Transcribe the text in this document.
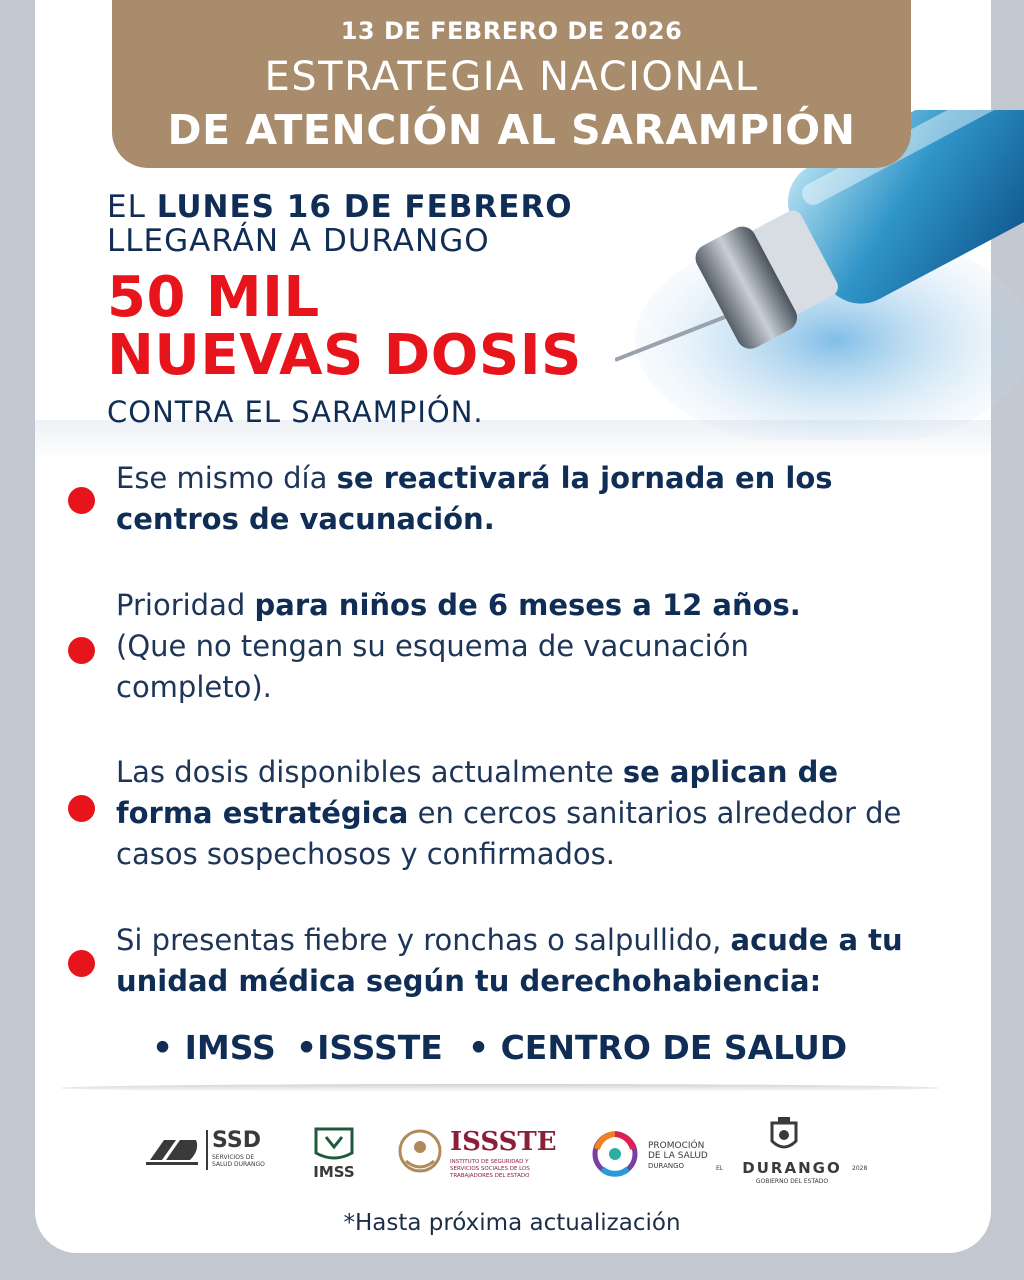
13 DE FEBRERO DE 2026
ESTRATEGIA NACIONAL
DE ATENCIÓN AL SARAMPIÓN
EL LUNES 16 DE FEBRERO
LLEGARÁN A DURANGO
50 MIL
NUEVAS DOSIS
CONTRA EL SARAMPIÓN.
Ese mismo día se reactivará la jornada en los centros de vacunación.
Prioridad para niños de 6 meses a 12 años. (Que no tengan su esquema de vacunación completo).
Las dosis disponibles actualmente se aplican de forma estratégica en cercos sanitarios alrededor de casos sospechosos y confirmados.
Si presentas fiebre y ronchas o salpullido, acude a tu unidad médica según tu derechohabiencia:
• IMSS •ISSSTE • CENTRO DE SALUD
SSD
SERVICIOS DE SALUD DURANGO	IMSS
ISSSTE
INSTITUTO DE SEGURIDAD Y SERVICIOS SOCIALES DE LOS TRABAJADORES DEL ESTADO
PROMOCIÓN
DE LA SALUD
DURANGO	EL	DURANGO	2028
GOBIERNO DEL ESTADO
*Hasta próxima actualización
